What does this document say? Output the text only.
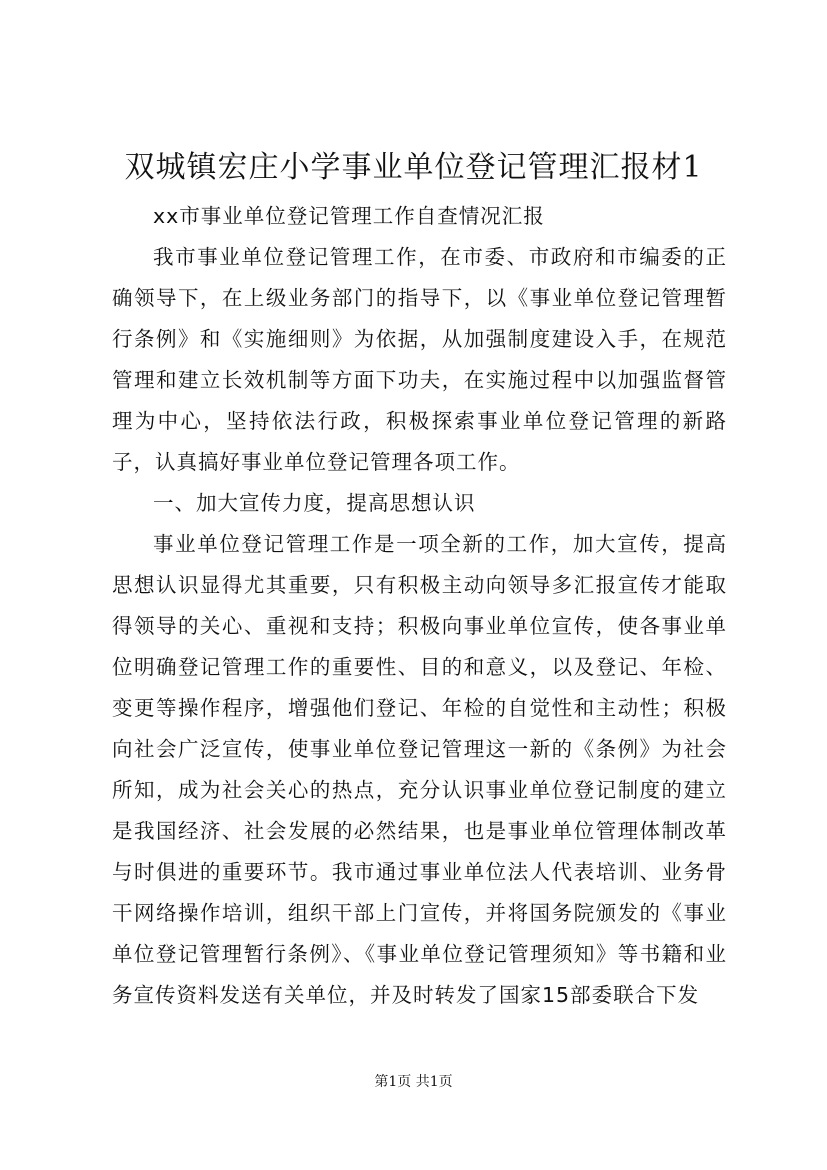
双城镇宏庄小学事业单位登记管理汇报材1

xx市事业单位登记管理工作自查情况汇报

我市事业单位登记管理工作，在市委、市政府和市编委的正确领导下，在上级业务部门的指导下，以《事业单位登记管理暂行条例》和《实施细则》为依据，从加强制度建设入手，在规范管理和建立长效机制等方面下功夫，在实施过程中以加强监督管理为中心，坚持依法行政，积极探索事业单位登记管理的新路子，认真搞好事业单位登记管理各项工作。

一、加大宣传力度，提高思想认识

事业单位登记管理工作是一项全新的工作，加大宣传，提高思想认识显得尤其重要，只有积极主动向领导多汇报宣传才能取得领导的关心、重视和支持；积极向事业单位宣传，使各事业单位明确登记管理工作的重要性、目的和意义，以及登记、年检、变更等操作程序，增强他们登记、年检的自觉性和主动性；积极向社会广泛宣传，使事业单位登记管理这一新的《条例》为社会所知，成为社会关心的热点，充分认识事业单位登记制度的建立是我国经济、社会发展的必然结果，也是事业单位管理体制改革与时俱进的重要环节。我市通过事业单位法人代表培训、业务骨干网络操作培训，组织干部上门宣传，并将国务院颁发的《事业单位登记管理暂行条例》、《事业单位登记管理须知》等书籍和业务宣传资料发送有关单位，并及时转发了国家15部委联合下发

第1页 共1页
